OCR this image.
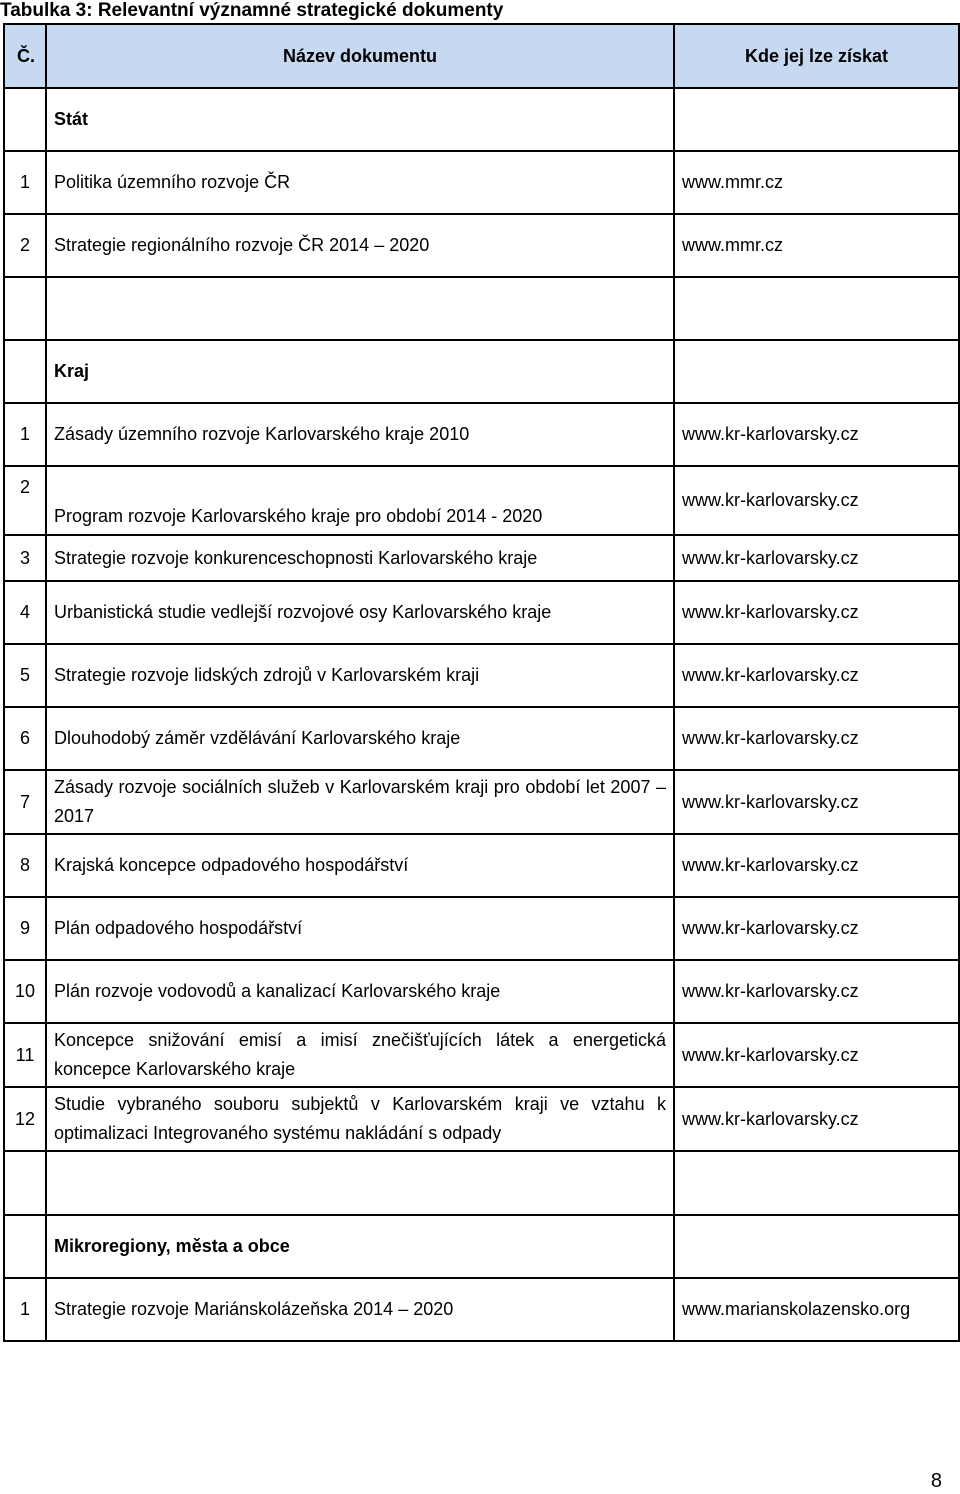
Tabulka 3: Relevantní významné strategické dokumenty
Č.	Název dokumentu	Kde jej lze získat
	Stát	
1	Politika územního rozvoje ČR	www.mmr.cz
2	Strategie regionálního rozvoje ČR 2014 – 2020	www.mmr.cz

	Kraj	
1	Zásady územního rozvoje Karlovarského kraje 2010	www.kr-karlovarsky.cz
2	Program rozvoje Karlovarského kraje pro období 2014 - 2020	www.kr-karlovarsky.cz
3	Strategie rozvoje konkurenceschopnosti Karlovarského kraje	www.kr-karlovarsky.cz
4	Urbanistická studie vedlejší rozvojové osy Karlovarského kraje	www.kr-karlovarsky.cz
5	Strategie rozvoje lidských zdrojů v Karlovarském kraji	www.kr-karlovarsky.cz
6	Dlouhodobý záměr vzdělávání Karlovarského kraje	www.kr-karlovarsky.cz
7	Zásady rozvoje sociálních služeb v Karlovarském kraji pro období let 2007 – 2017	www.kr-karlovarsky.cz
8	Krajská koncepce odpadového hospodářství	www.kr-karlovarsky.cz
9	Plán odpadového hospodářství	www.kr-karlovarsky.cz
10	Plán rozvoje vodovodů a kanalizací Karlovarského kraje	www.kr-karlovarsky.cz
11	Koncepce snižování emisí a imisí znečišťujících látek a energetická koncepce Karlovarského kraje	www.kr-karlovarsky.cz
12	Studie vybraného souboru subjektů v Karlovarském kraji ve vztahu k optimalizaci Integrovaného systému nakládání s odpady	www.kr-karlovarsky.cz

	Mikroregiony, města a obce	
1	Strategie rozvoje Mariánskolázeňska 2014 – 2020	www.marianskolazensko.org
8
